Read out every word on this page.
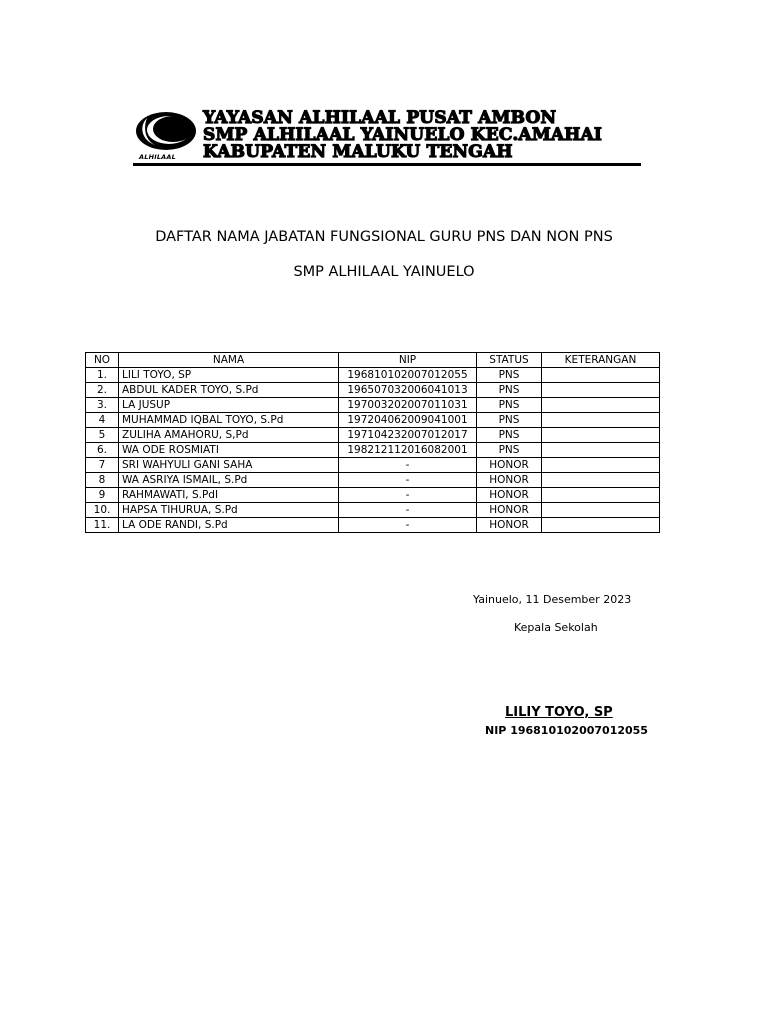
ALHILAAL
YAYASAN ALHILAAL PUSAT AMBON
SMP ALHILAAL YAINUELO KEC.AMAHAI
KABUPATEN MALUKU TENGAH
DAFTAR NAMA JABATAN FUNGSIONAL GURU PNS DAN NON PNS
SMP ALHILAAL YAINUELO
NO	NAMA	NIP	STATUS	KETERANGAN
1.	LILI TOYO, SP	196810102007012055	PNS	
2.	ABDUL KADER TOYO, S.Pd	196507032006041013	PNS	
3.	LA JUSUP	197003202007011031	PNS	
4	MUHAMMAD IQBAL TOYO, S.Pd	197204062009041001	PNS	
5	ZULIHA AMAHORU, S,Pd	197104232007012017	PNS	
6.	WA ODE ROSMIATI	198212112016082001	PNS	
7	SRI WAHYULI GANI SAHA	-	HONOR	
8	WA ASRIYA ISMAIL, S.Pd	-	HONOR	
9	RAHMAWATI, S.PdI	-	HONOR	
10.	HAPSA TIHURUA, S.Pd	-	HONOR	
11.	LA ODE RANDI, S.Pd	-	HONOR	
Yainuelo, 11 Desember 2023
Kepala Sekolah
LILIY TOYO, SP
NIP 196810102007012055
